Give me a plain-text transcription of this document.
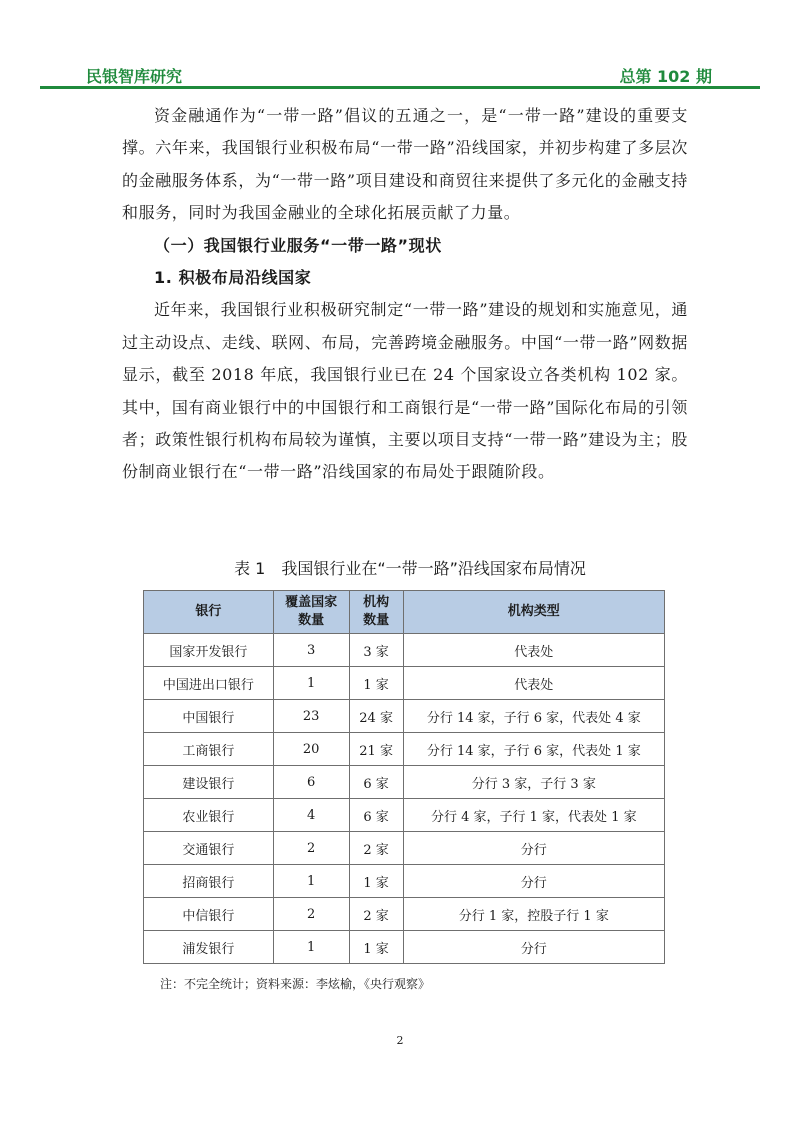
民银智库研究	总第 102 期

资金融通作为“一带一路”倡议的五通之一，是“一带一路”建设的重要支撑。六年来，我国银行业积极布局“一带一路”沿线国家，并初步构建了多层次的金融服务体系，为“一带一路”项目建设和商贸往来提供了多元化的金融支持和服务，同时为我国金融业的全球化拓展贡献了力量。

（一）我国银行业服务“一带一路”现状

1. 积极布局沿线国家

近年来，我国银行业积极研究制定“一带一路”建设的规划和实施意见，通过主动设点、走线、联网、布局，完善跨境金融服务。中国“一带一路”网数据显示，截至 2018 年底，我国银行业已在 24 个国家设立各类机构 102 家。其中，国有商业银行中的中国银行和工商银行是“一带一路”国际化布局的引领者；政策性银行机构布局较为谨慎，主要以项目支持“一带一路”建设为主；股份制商业银行在“一带一路”沿线国家的布局处于跟随阶段。

表 1　我国银行业在“一带一路”沿线国家布局情况
银行	覆盖国家数量	机构数量	机构类型
国家开发银行	3	3 家	代表处
中国进出口银行	1	1 家	代表处
中国银行	23	24 家	分行 14 家，子行 6 家，代表处 4 家
工商银行	20	21 家	分行 14 家，子行 6 家，代表处 1 家
建设银行	6	6 家	分行 3 家，子行 3 家
农业银行	4	6 家	分行 4 家，子行 1 家，代表处 1 家
交通银行	2	2 家	分行
招商银行	1	1 家	分行
中信银行	2	2 家	分行 1 家，控股子行 1 家
浦发银行	1	1 家	分行
注：不完全统计；资料来源：李炫榆，《央行观察》
2
